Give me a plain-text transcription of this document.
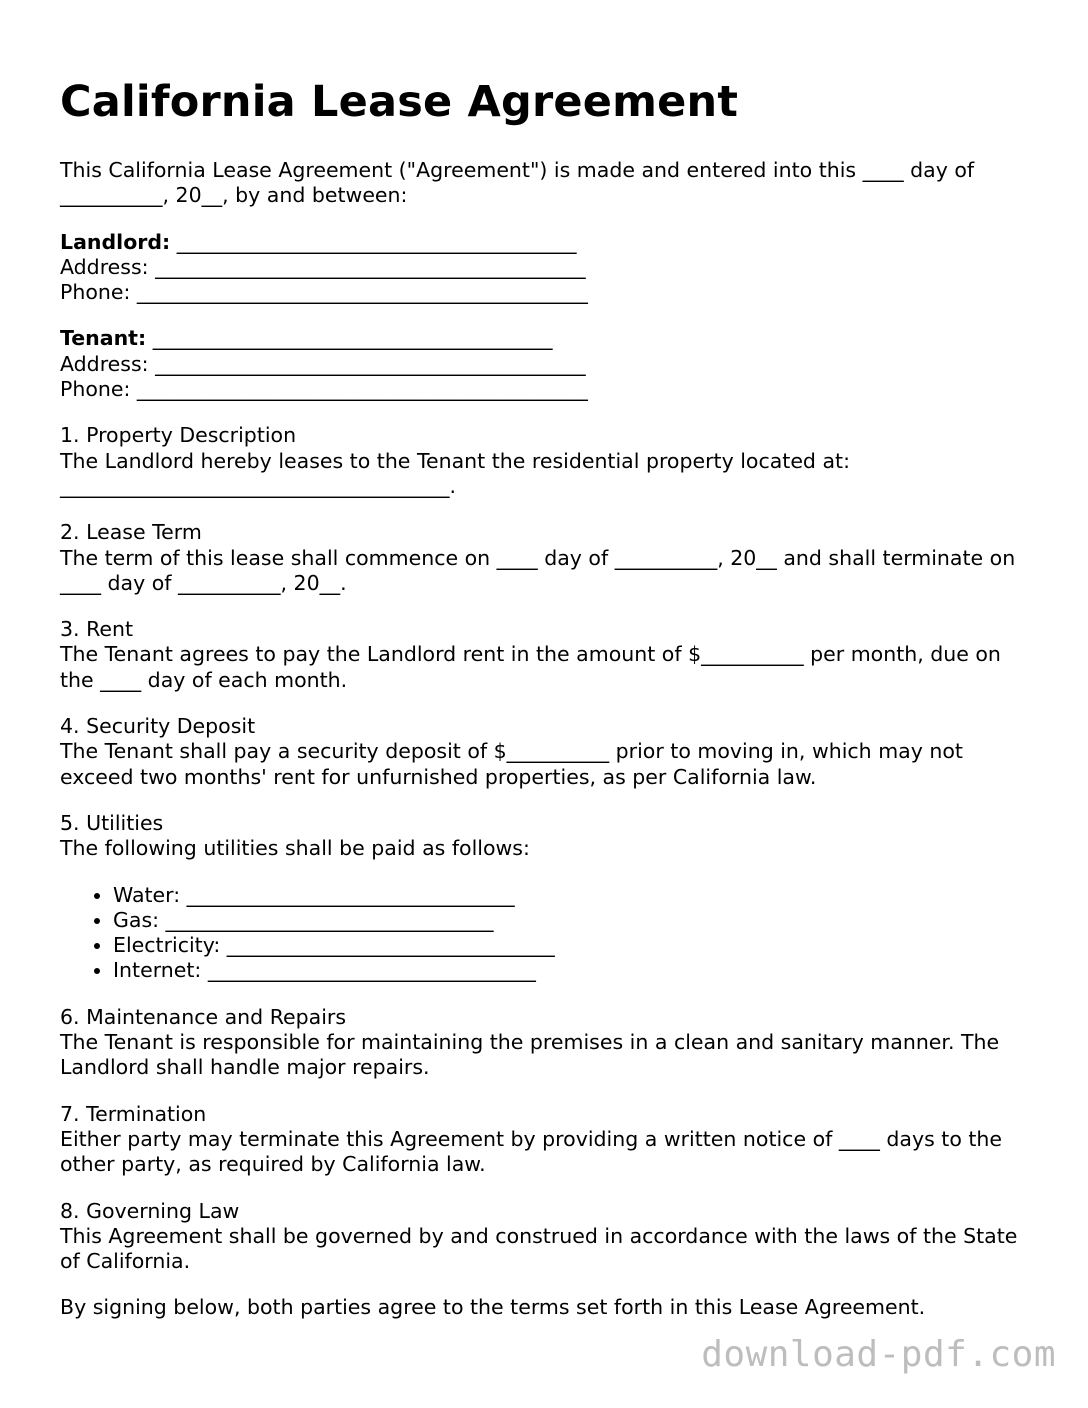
California Lease Agreement

This California Lease Agreement ("Agreement") is made and entered into this ____ day of __________, 20__, by and between:

Landlord: _______________________________________
Address: __________________________________________
Phone: ____________________________________________

Tenant: _______________________________________
Address: __________________________________________
Phone: ____________________________________________

1. Property Description
The Landlord hereby leases to the Tenant the residential property located at: ______________________________________.

2. Lease Term
The term of this lease shall commence on ____ day of __________, 20__ and shall terminate on ____ day of __________, 20__.

3. Rent
The Tenant agrees to pay the Landlord rent in the amount of $__________ per month, due on the ____ day of each month.

4. Security Deposit
The Tenant shall pay a security deposit of $__________ prior to moving in, which may not exceed two months' rent for unfurnished properties, as per California law.

5. Utilities
The following utilities shall be paid as follows:

• Water: ________________________________
• Gas: ________________________________
• Electricity: ________________________________
• Internet: ________________________________

6. Maintenance and Repairs
The Tenant is responsible for maintaining the premises in a clean and sanitary manner. The Landlord shall handle major repairs.

7. Termination
Either party may terminate this Agreement by providing a written notice of ____ days to the other party, as required by California law.

8. Governing Law
This Agreement shall be governed by and construed in accordance with the laws of the State of California.

By signing below, both parties agree to the terms set forth in this Lease Agreement.

download-pdf.com
